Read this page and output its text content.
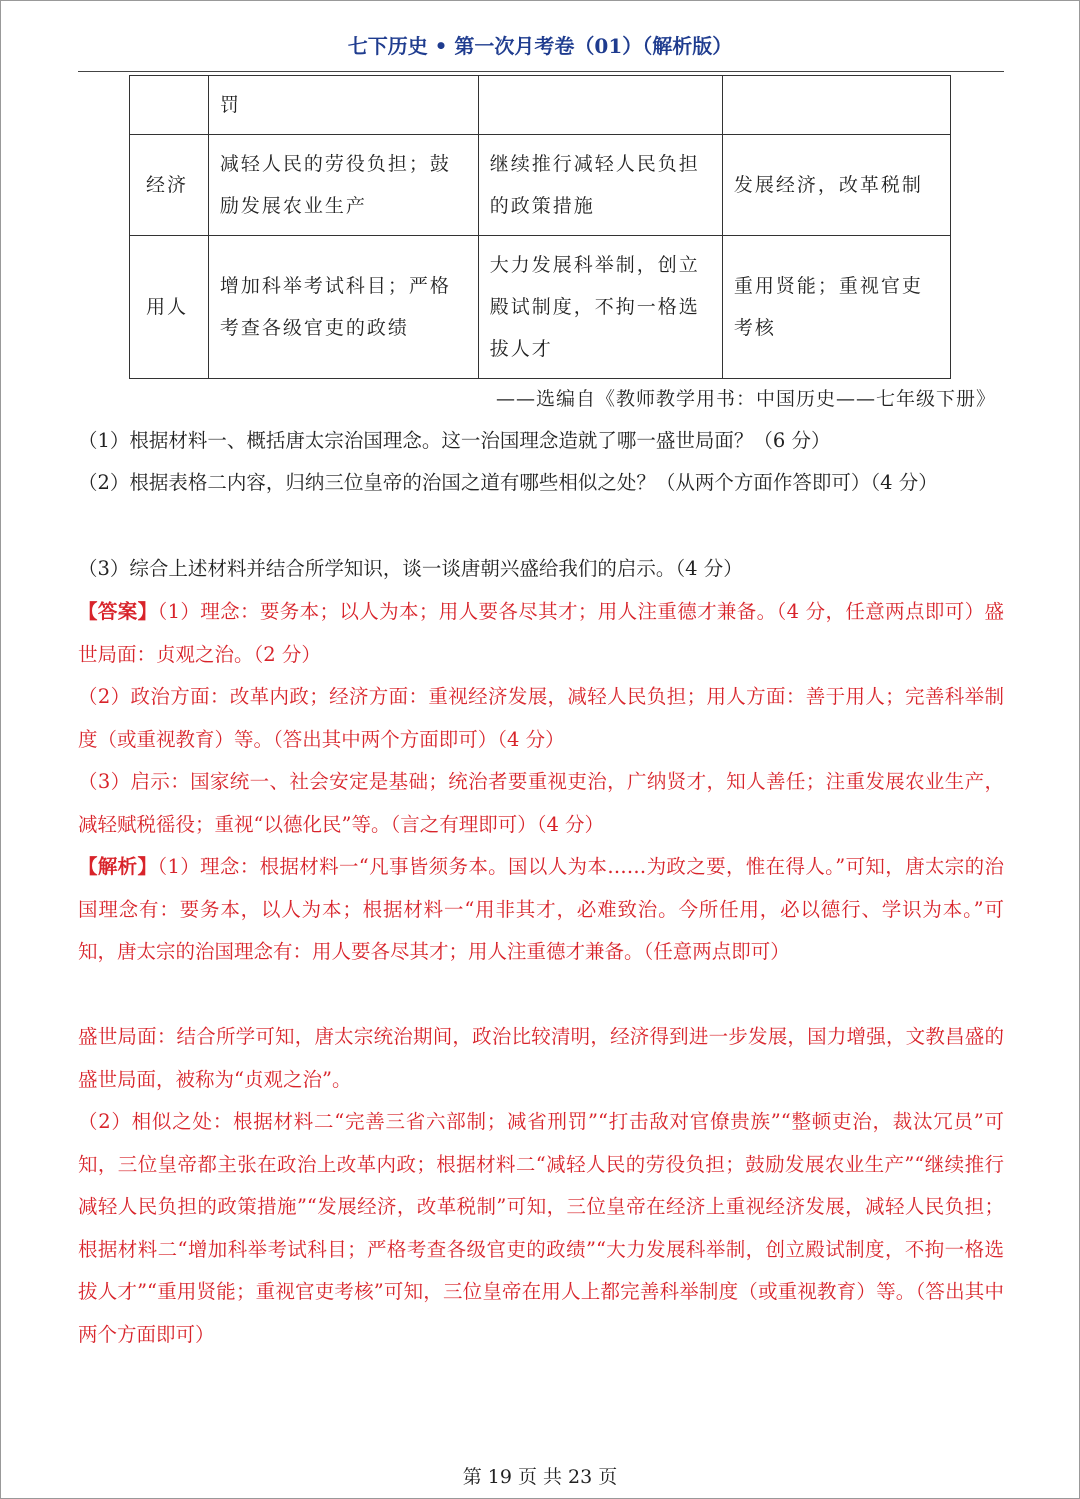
七下历史 • 第一次月考卷（01）（解析版）
	罚		
经济	减轻人民的劳役负担；鼓励发展农业生产	继续推行减轻人民负担的政策措施	发展经济，改革税制
用人	增加科举考试科目；严格考查各级官吏的政绩	大力发展科举制，创立殿试制度，不拘一格选拔人才	重用贤能；重视官吏考核
——选编自《教师教学用书：中国历史——七年级下册》
（1）根据材料一、概括唐太宗治国理念。这一治国理念造就了哪一盛世局面？（6 分）
（2）根据表格二内容，归纳三位皇帝的治国之道有哪些相似之处？（从两个方面作答即可）（4 分）
（3）综合上述材料并结合所学知识，谈一谈唐朝兴盛给我们的启示。（4 分）
【答案】（1）理念：要务本；以人为本；用人要各尽其才；用人注重德才兼备。（4 分，任意两点即可）盛世局面：贞观之治。（2 分）
（2）政治方面：改革内政；经济方面：重视经济发展，减轻人民负担；用人方面：善于用人；完善科举制度（或重视教育）等。（答出其中两个方面即可）（4 分）
（3）启示：国家统一、社会安定是基础；统治者要重视吏治，广纳贤才，知人善任；注重发展农业生产，减轻赋税徭役；重视“以德化民”等。（言之有理即可）（4 分）
【解析】（1）理念：根据材料一“凡事皆须务本。国以人为本……为政之要，惟在得人。”可知，唐太宗的治国理念有：要务本，以人为本；根据材料一“用非其才，必难致治。今所任用，必以德行、学识为本。”可知，唐太宗的治国理念有：用人要各尽其才；用人注重德才兼备。（任意两点即可）
盛世局面：结合所学可知，唐太宗统治期间，政治比较清明，经济得到进一步发展，国力增强，文教昌盛的盛世局面，被称为“贞观之治”。
（2）相似之处：根据材料二“完善三省六部制；减省刑罚”“打击敌对官僚贵族”“整顿吏治，裁汰冗员”可知，三位皇帝都主张在政治上改革内政；根据材料二“减轻人民的劳役负担；鼓励发展农业生产”“继续推行减轻人民负担的政策措施”“发展经济，改革税制”可知，三位皇帝在经济上重视经济发展，减轻人民负担；根据材料二“增加科举考试科目；严格考查各级官吏的政绩”“大力发展科举制，创立殿试制度，不拘一格选拔人才”“重用贤能；重视官吏考核”可知，三位皇帝在用人上都完善科举制度（或重视教育）等。（答出其中两个方面即可）
第 19 页 共 23 页
